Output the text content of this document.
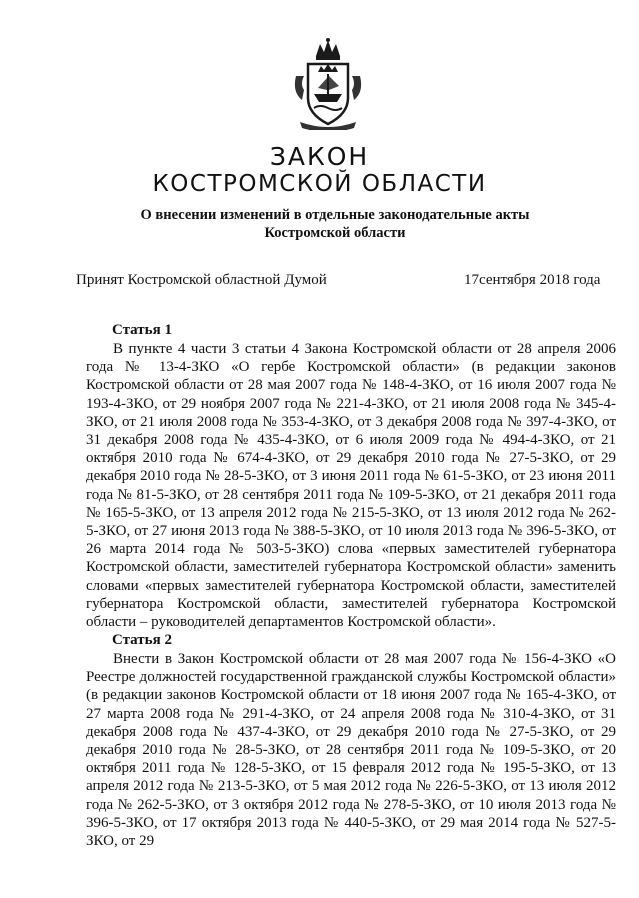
ЗАКОН
КОСТРОМСКОЙ ОБЛАСТИ
О внесении изменений в отдельные законодательные акты Костромской области
Принят Костромской областной Думой	17сентября 2018 года
Статья 1

В пункте 4 части 3 статьи 4 Закона Костромской области от 28 апреля 2006 года № 13-4-ЗКО «О гербе Костромской области» (в редакции законов Костромской области от 28 мая 2007 года № 148-4-ЗКО, от 16 июля 2007 года № 193-4-ЗКО, от 29 ноября 2007 года № 221-4-ЗКО, от 21 июля 2008 года № 345-4-ЗКО, от 21 июля 2008 года № 353-4-ЗКО, от 3 декабря 2008 года № 397-4-ЗКО, от 31 декабря 2008 года № 435-4-ЗКО, от 6 июля 2009 года № 494-4-ЗКО, от 21 октября 2010 года № 674-4-ЗКО, от 29 декабря 2010 года № 27-5-ЗКО, от 29 декабря 2010 года № 28-5-ЗКО, от 3 июня 2011 года № 61-5-ЗКО, от 23 июня 2011 года № 81-5-ЗКО, от 28 сентября 2011 года № 109-5-ЗКО, от 21 декабря 2011 года № 165-5-ЗКО, от 13 апреля 2012 года № 215-5-ЗКО, от 13 июля 2012 года № 262-5-ЗКО, от 27 июня 2013 года № 388-5-ЗКО, от 10 июля 2013 года № 396-5-ЗКО, от 26 марта 2014 года № 503-5-ЗКО) слова «первых заместителей губернатора Костромской области, заместителей губернатора Костромской области» заменить словами «первых заместителей губернатора Костромской области, заместителей губернатора Костромской области, заместителей губернатора Костромской области – руководителей департаментов Костромской области».

Статья 2

Внести в Закон Костромской области от 28 мая 2007 года № 156-4-ЗКО «О Реестре должностей государственной гражданской службы Костромской области» (в редакции законов Костромской области от 18 июня 2007 года № 165-4-ЗКО, от 27 марта 2008 года № 291-4-ЗКО, от 24 апреля 2008 года № 310-4-ЗКО, от 31 декабря 2008 года № 437-4-ЗКО, от 29 декабря 2010 года № 27-5-ЗКО, от 29 декабря 2010 года № 28-5-ЗКО, от 28 сентября 2011 года № 109-5-ЗКО, от 20 октября 2011 года № 128-5-ЗКО, от 15 февраля 2012 года № 195-5-ЗКО, от 13 апреля 2012 года № 213-5-ЗКО, от 5 мая 2012 года № 226-5-ЗКО, от 13 июля 2012 года № 262-5-ЗКО, от 3 октября 2012 года № 278-5-ЗКО, от 10 июля 2013 года № 396-5-ЗКО, от 17 октября 2013 года № 440-5-ЗКО, от 29 мая 2014 года № 527-5-ЗКО, от 29
